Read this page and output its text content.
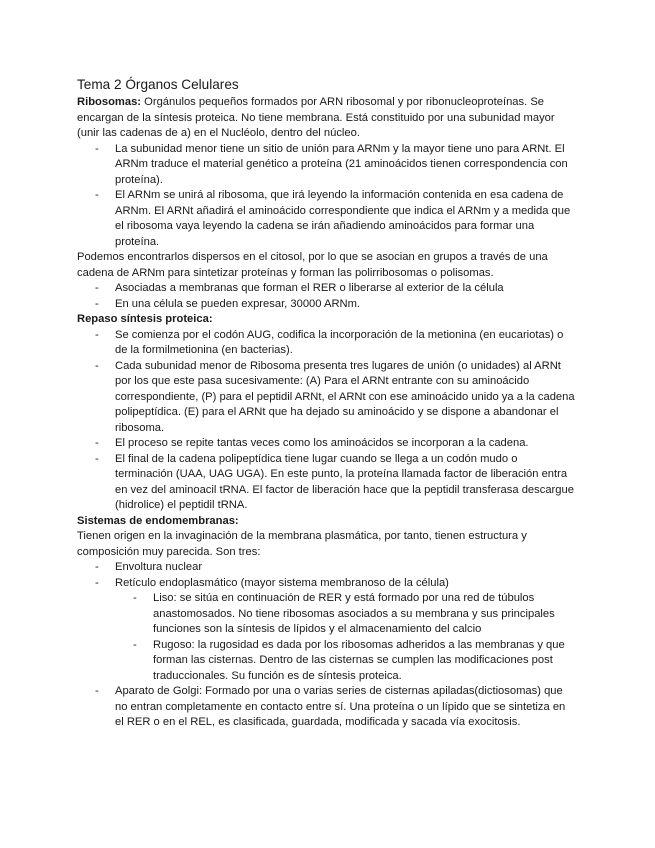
Tema 2 Órganos Celulares

Ribosomas: Orgánulos pequeños formados por ARN ribosomal y por ribonucleoproteínas. Se encargan de la síntesis proteica. No tiene membrana. Está constituido por una subunidad mayor (unir las cadenas de a) en el Nucléolo, dentro del núcleo.

- La subunidad menor tiene un sitio de unión para ARNm y la mayor tiene uno para ARNt. El ARNm traduce el material genético a proteína (21 aminoácidos tienen correspondencia con proteína).
- El ARNm se unirá al ribosoma, que irá leyendo la información contenida en esa cadena de ARNm. El ARNt añadirá el aminoácido correspondiente que indica el ARNm y a medida que el ribosoma vaya leyendo la cadena se irán añadiendo aminoácidos para formar una proteína.

Podemos encontrarlos dispersos en el citosol, por lo que se asocian en grupos a través de una cadena de ARNm para sintetizar proteínas y forman las polirribosomas o polisomas.

- Asociadas a membranas que forman el RER o liberarse al exterior de la célula
- En una célula se pueden expresar, 30000 ARNm.

Repaso síntesis proteica:

- Se comienza por el codón AUG, codifica la incorporación de la metionina (en eucariotas) o de la formilmetionina (en bacterias).
- Cada subunidad menor de Ribosoma presenta tres lugares de unión (o unidades) al ARNt por los que este pasa sucesivamente: (A) Para el ARNt entrante con su aminoácido correspondiente, (P) para el peptidil ARNt, el ARNt con ese aminoácido unido ya a la cadena polipeptídica. (E) para el ARNt que ha dejado su aminoácido y se dispone a abandonar el ribosoma.
- El proceso se repite tantas veces como los aminoácidos se incorporan a la cadena.
- El final de la cadena polipeptídica tiene lugar cuando se llega a un codón mudo o terminación (UAA, UAG UGA). En este punto, la proteína llamada factor de liberación entra en vez del aminoacil tRNA. El factor de liberación hace que la peptidil transferasa descargue (hidrolice) el peptidil tRNA.

Sistemas de endomembranas:

Tienen origen en la invaginación de la membrana plasmática, por tanto, tienen estructura y composición muy parecida. Son tres:

- Envoltura nuclear
- Retículo endoplasmático (mayor sistema membranoso de la célula)
- Liso: se sitúa en continuación de RER y está formado por una red de túbulos anastomosados. No tiene ribosomas asociados a su membrana y sus principales funciones son la síntesis de lípidos y el almacenamiento del calcio
- Rugoso: la rugosidad es dada por los ribosomas adheridos a las membranas y que forman las cisternas. Dentro de las cisternas se cumplen las modificaciones post traduccionales. Su función es de síntesis proteica.
- Aparato de Golgi: Formado por una o varias series de cisternas apiladas(dictiosomas) que no entran completamente en contacto entre sí. Una proteína o un lípido que se sintetiza en el RER o en el REL, es clasificada, guardada, modificada y sacada vía exocitosis.
